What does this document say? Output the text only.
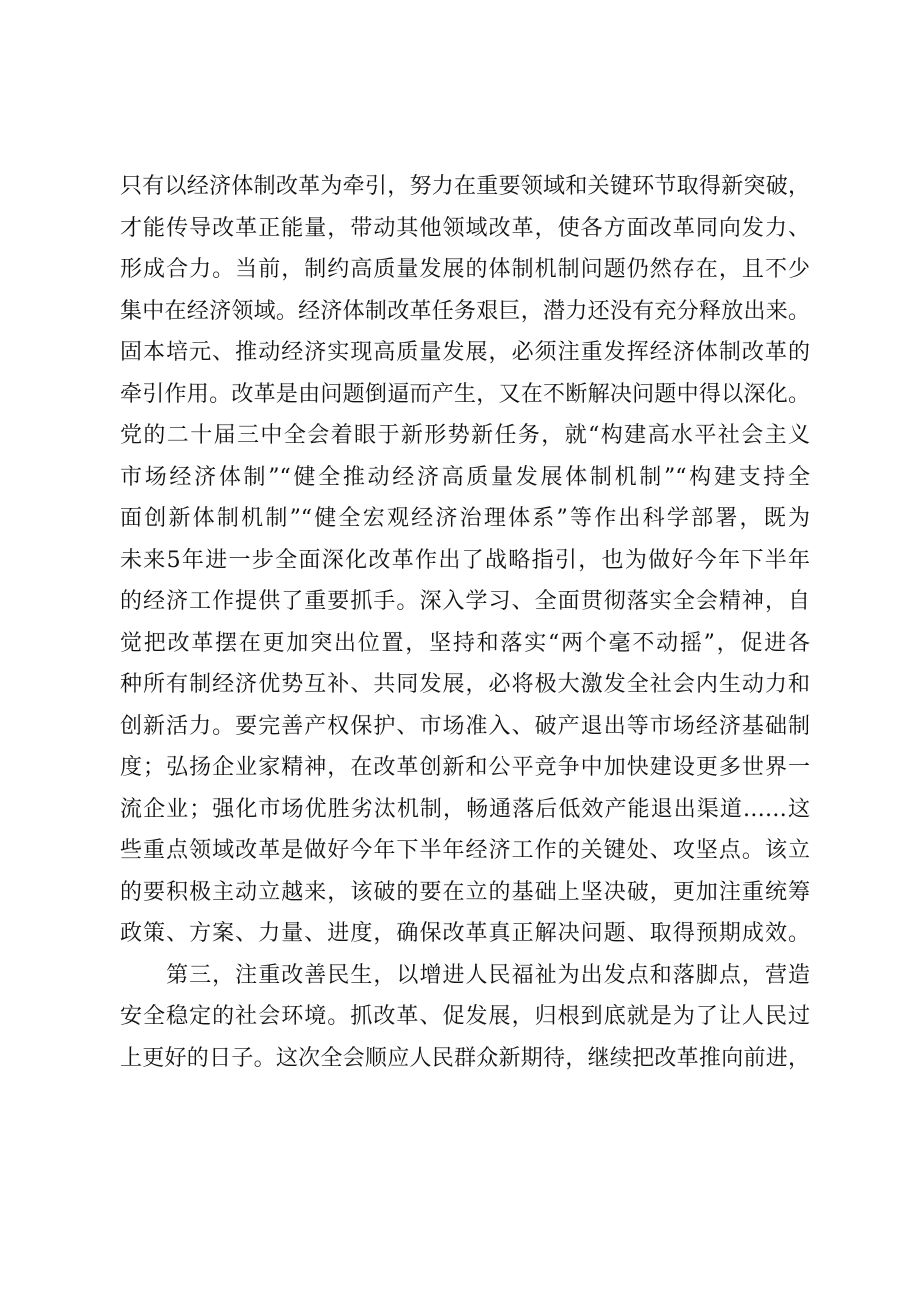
只有以经济体制改革为牵引，努力在重要领域和关键环节取得新突破，
才能传导改革正能量，带动其他领域改革，使各方面改革同向发力、
形成合力。当前，制约高质量发展的体制机制问题仍然存在，且不少
集中在经济领域。经济体制改革任务艰巨，潜力还没有充分释放出来。
固本培元、推动经济实现高质量发展，必须注重发挥经济体制改革的
牵引作用。改革是由问题倒逼而产生，又在不断解决问题中得以深化。
党的二十届三中全会着眼于新形势新任务，就“构建高水平社会主义
市场经济体制”“健全推动经济高质量发展体制机制”“构建支持全
面创新体制机制”“健全宏观经济治理体系”等作出科学部署，既为
未来5年进一步全面深化改革作出了战略指引，也为做好今年下半年
的经济工作提供了重要抓手。深入学习、全面贯彻落实全会精神，自
觉把改革摆在更加突出位置，坚持和落实“两个毫不动摇”，促进各
种所有制经济优势互补、共同发展，必将极大激发全社会内生动力和
创新活力。要完善产权保护、市场准入、破产退出等市场经济基础制
度；弘扬企业家精神，在改革创新和公平竞争中加快建设更多世界一
流企业；强化市场优胜劣汰机制，畅通落后低效产能退出渠道……这
些重点领域改革是做好今年下半年经济工作的关键处、攻坚点。该立
的要积极主动立越来，该破的要在立的基础上坚决破，更加注重统筹
政策、方案、力量、进度，确保改革真正解决问题、取得预期成效。
　　第三，注重改善民生，以增进人民福祉为出发点和落脚点，营造
安全稳定的社会环境。抓改革、促发展，归根到底就是为了让人民过
上更好的日子。这次全会顺应人民群众新期待，继续把改革推向前进，
